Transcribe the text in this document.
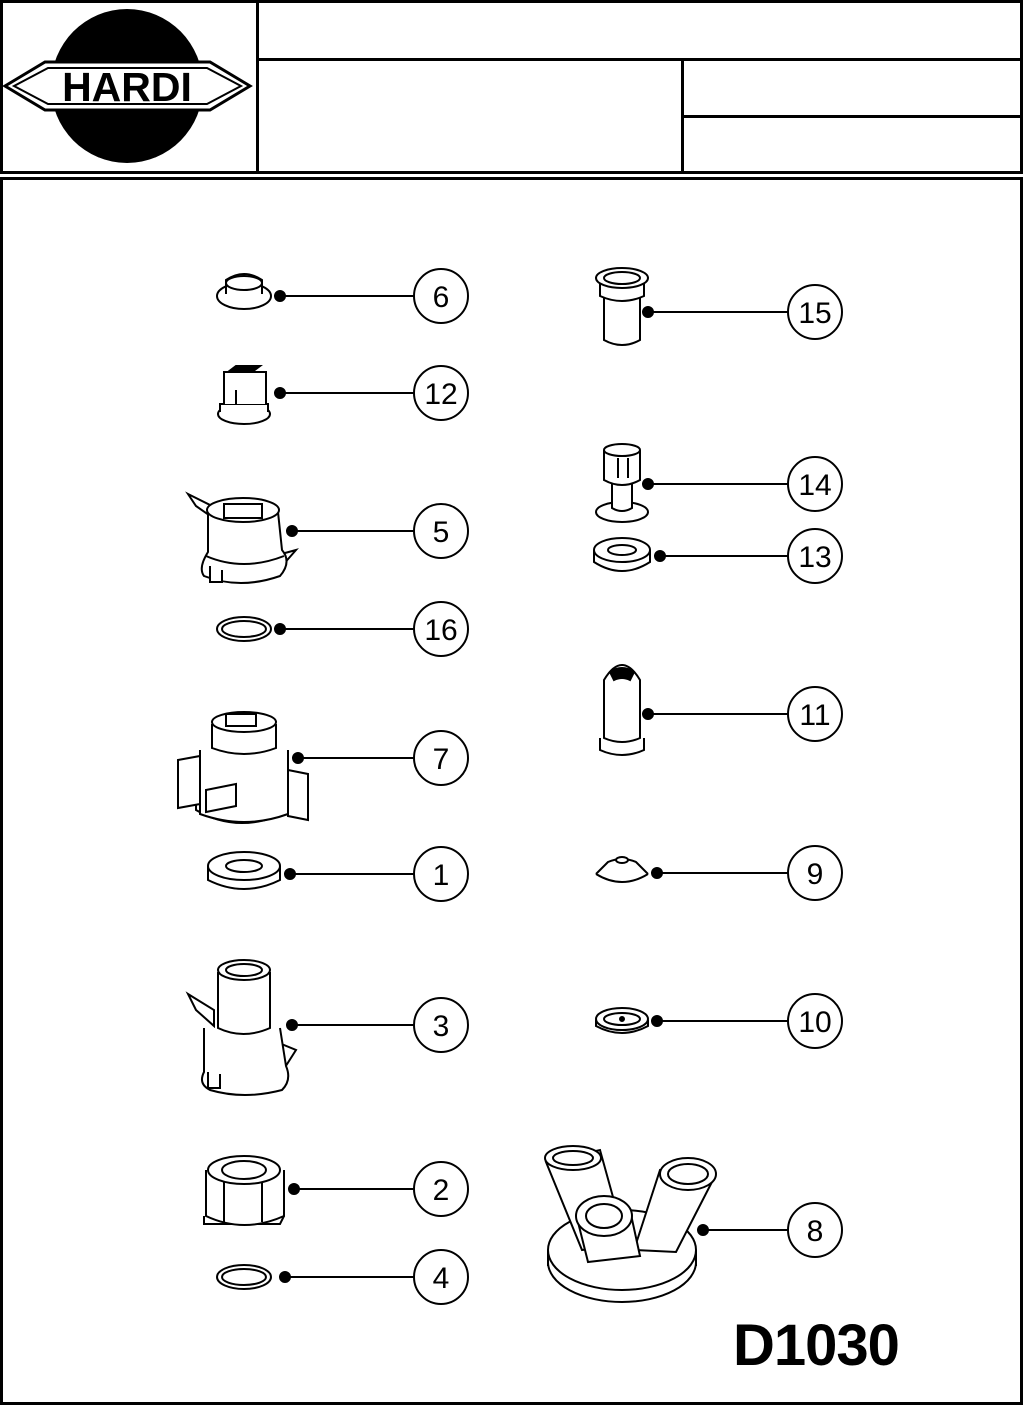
HARDI
6
12
5
16
7
1
3
2
4
15
14
13
11
9
10
8
D1030
